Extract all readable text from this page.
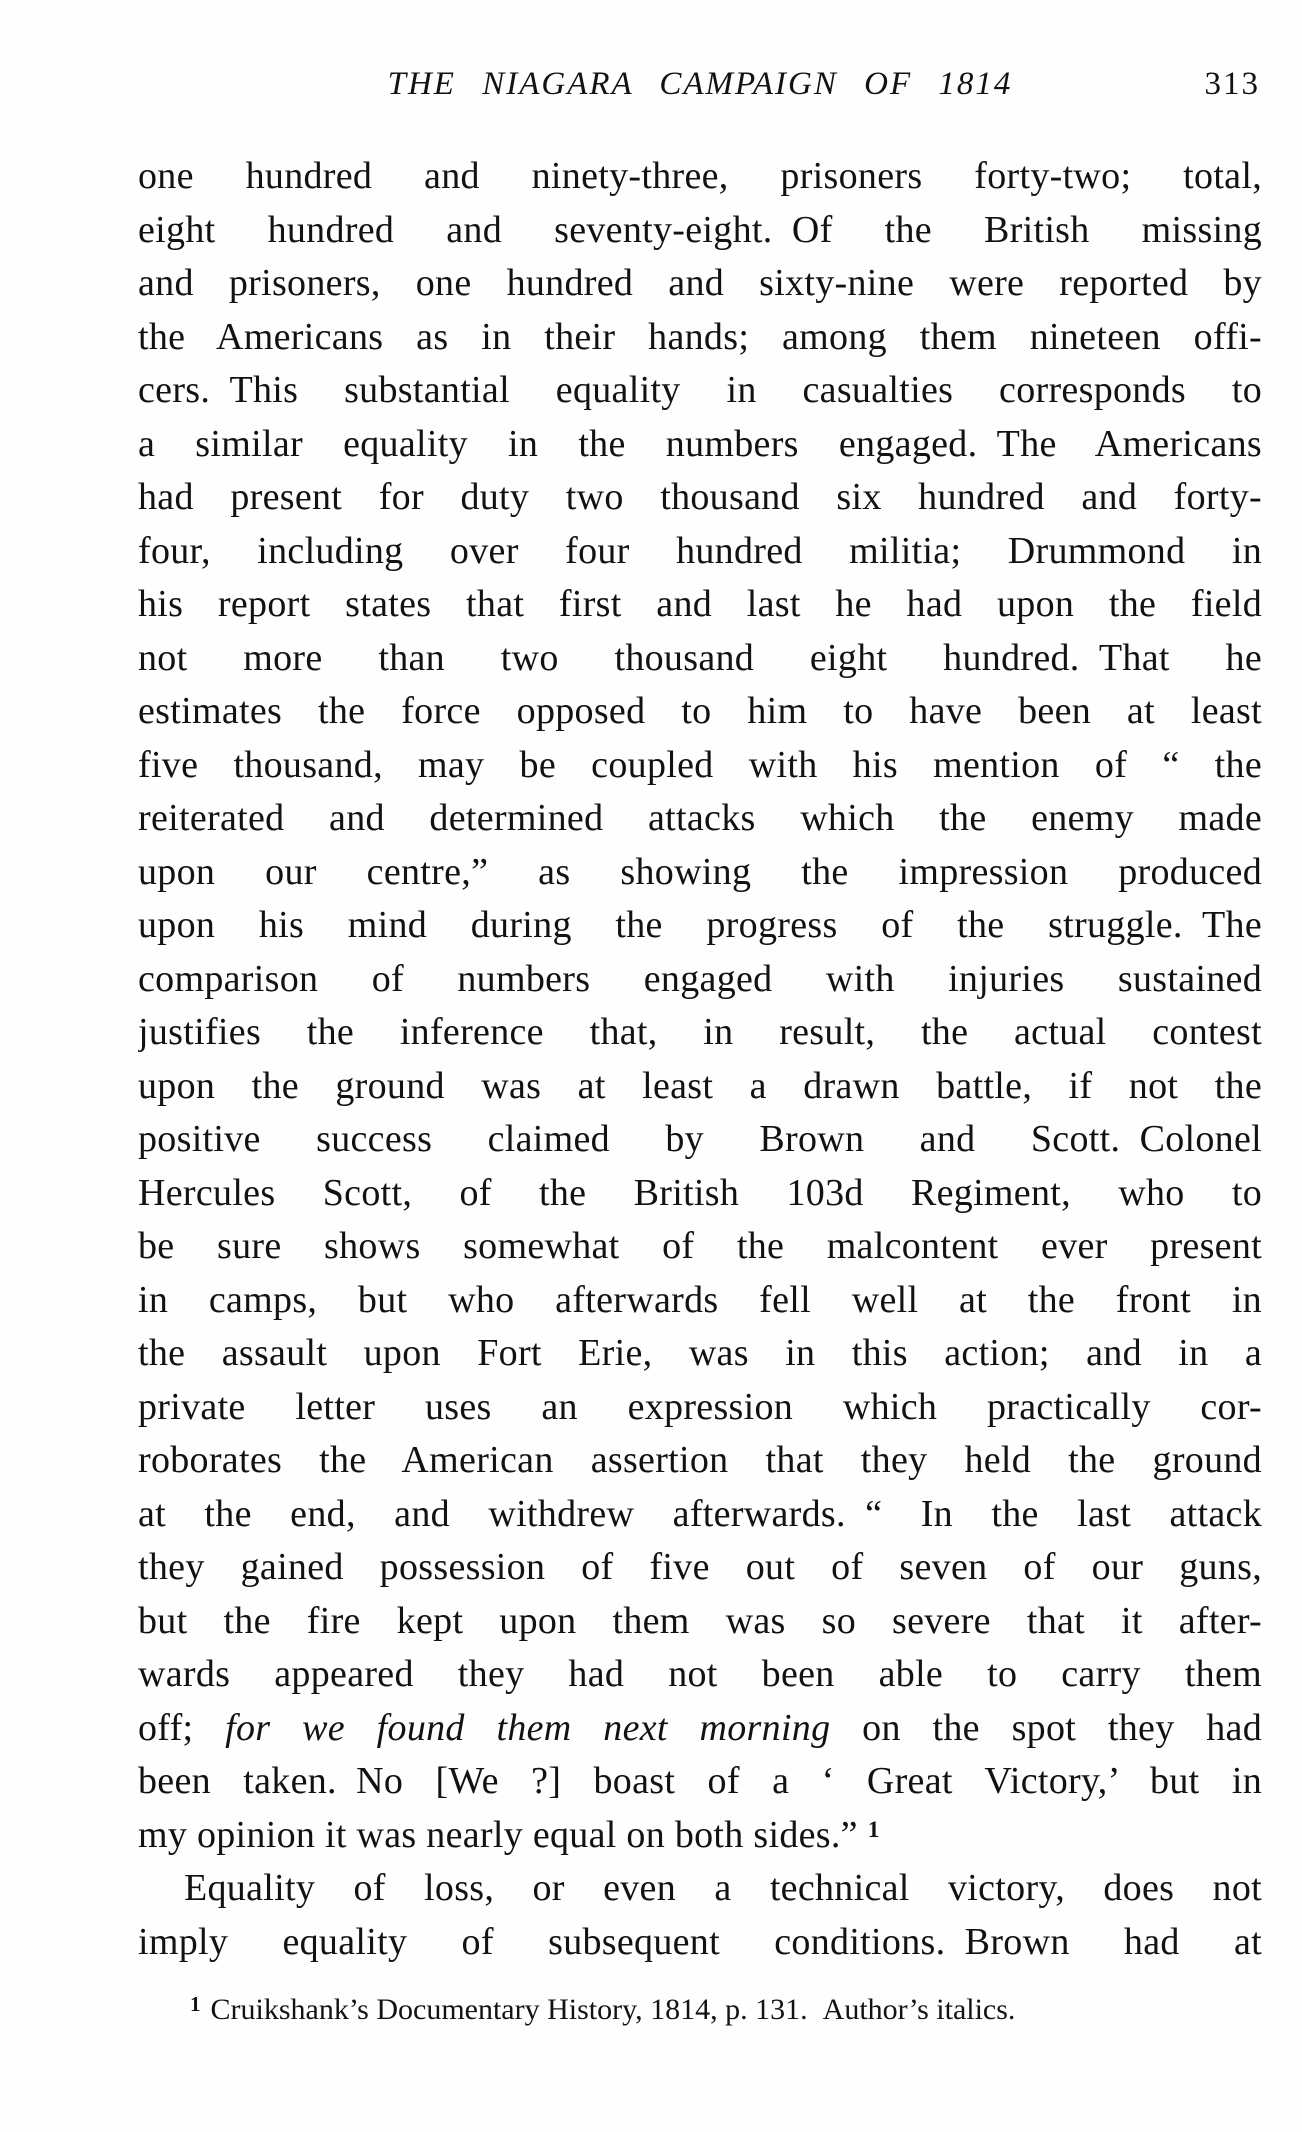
THE NIAGARA CAMPAIGN OF 1814	313
one hundred and ninety-three, prisoners forty-two; total,
eight hundred and seventy-eight. Of the British missing
and prisoners, one hundred and sixty-nine were reported by
the Americans as in their hands; among them nineteen offi-
cers. This substantial equality in casualties corresponds to
a similar equality in the numbers engaged. The Americans
had present for duty two thousand six hundred and forty-
four, including over four hundred militia; Drummond in
his report states that first and last he had upon the field
not more than two thousand eight hundred. That he
estimates the force opposed to him to have been at least
five thousand, may be coupled with his mention of “ the
reiterated and determined attacks which the enemy made
upon our centre,” as showing the impression produced
upon his mind during the progress of the struggle. The
comparison of numbers engaged with injuries sustained
justifies the inference that, in result, the actual contest
upon the ground was at least a drawn battle, if not the
positive success claimed by Brown and Scott. Colonel
Hercules Scott, of the British 103d Regiment, who to
be sure shows somewhat of the malcontent ever present
in camps, but who afterwards fell well at the front in
the assault upon Fort Erie, was in this action; and in a
private letter uses an expression which practically cor-
roborates the American assertion that they held the ground
at the end, and withdrew afterwards. “ In the last attack
they gained possession of five out of seven of our guns,
but the fire kept upon them was so severe that it after-
wards appeared they had not been able to carry them
off; for we found them next morning on the spot they had
been taken. No [We ?] boast of a ‘ Great Victory,’ but in
my opinion it was nearly equal on both sides.” $^1$
Equality of loss, or even a technical victory, does not
imply equality of subsequent conditions. Brown had at
$^1$ Cruikshank’s Documentary History, 1814, p. 131. Author’s italics.
